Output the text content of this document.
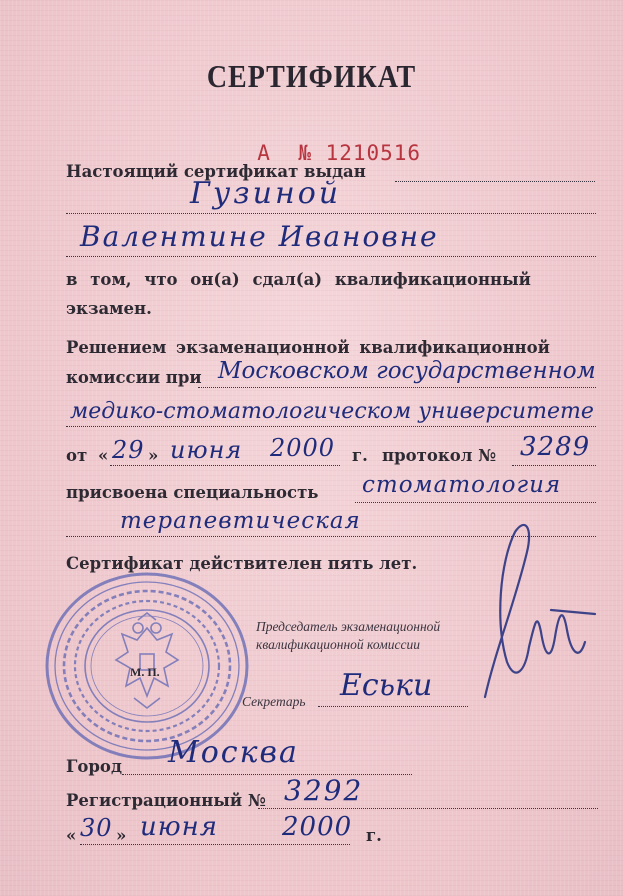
СЕРТИФИКАТ

А № 1210516

Настоящий сертификат выдан
Гузиной
Валентине Ивановне
в том, что он(а) сдал(а) квалификационный
экзамен.
Решением экзаменационной квалификационной
комиссии при Московском государственном
медико-стоматологическом университете
от « 29 » июня 2000 г. протокол № 3289
присвоена специальность стоматология
терапевтическая
Сертификат действителен пять лет.
М. П.
Председатель экзаменационной
квалификационной комиссии
Секретарь Еськи
Город Москва
Регистрационный № 3292
« 30 » июня 2000 г.
